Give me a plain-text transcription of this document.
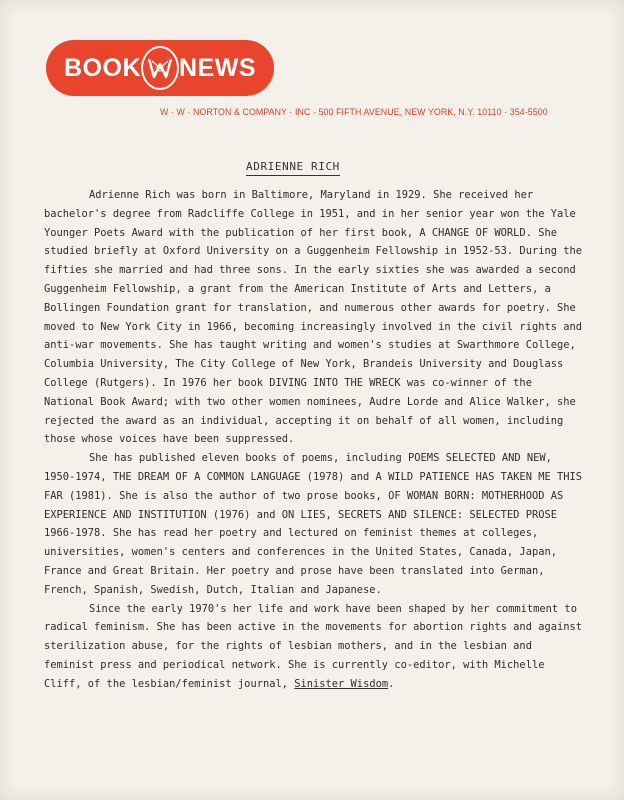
BOOK NEWS
W · W · NORTON & COMPANY · INC · 500 FIFTH AVENUE, NEW YORK, N.Y. 10110 · 354-5500
ADRIENNE RICH

Adrienne Rich was born in Baltimore, Maryland in 1929. She received her bachelor's degree from Radcliffe College in 1951, and in her senior year won the Yale Younger Poets Award with the publication of her first book, A CHANGE OF WORLD. She studied briefly at Oxford University on a Guggenheim Fellowship in 1952-53. During the fifties she married and had three sons. In the early sixties she was awarded a second Guggenheim Fellowship, a grant from the American Institute of Arts and Letters, a Bollingen Foundation grant for translation, and numerous other awards for poetry. She moved to New York City in 1966, becoming increasingly involved in the civil rights and anti-war movements. She has taught writing and women's studies at Swarthmore College, Columbia University, The City College of New York, Brandeis University and Douglass College (Rutgers). In 1976 her book DIVING INTO THE WRECK was co-winner of the National Book Award; with two other women nominees, Audre Lorde and Alice Walker, she rejected the award as an individual, accepting it on behalf of all women, including those whose voices have been suppressed.

She has published eleven books of poems, including POEMS SELECTED AND NEW, 1950-1974, THE DREAM OF A COMMON LANGUAGE (1978) and A WILD PATIENCE HAS TAKEN ME THIS FAR (1981). She is also the author of two prose books, OF WOMAN BORN: MOTHERHOOD AS EXPERIENCE AND INSTITUTION (1976) and ON LIES, SECRETS AND SILENCE: SELECTED PROSE 1966-1978. She has read her poetry and lectured on feminist themes at colleges, universities, women's centers and conferences in the United States, Canada, Japan, France and Great Britain. Her poetry and prose have been translated into German, French, Spanish, Swedish, Dutch, Italian and Japanese.

Since the early 1970's her life and work have been shaped by her commitment to radical feminism. She has been active in the movements for abortion rights and against sterilization abuse, for the rights of lesbian mothers, and in the lesbian and feminist press and periodical network. She is currently co-editor, with Michelle Cliff, of the lesbian/feminist journal, Sinister Wisdom.
